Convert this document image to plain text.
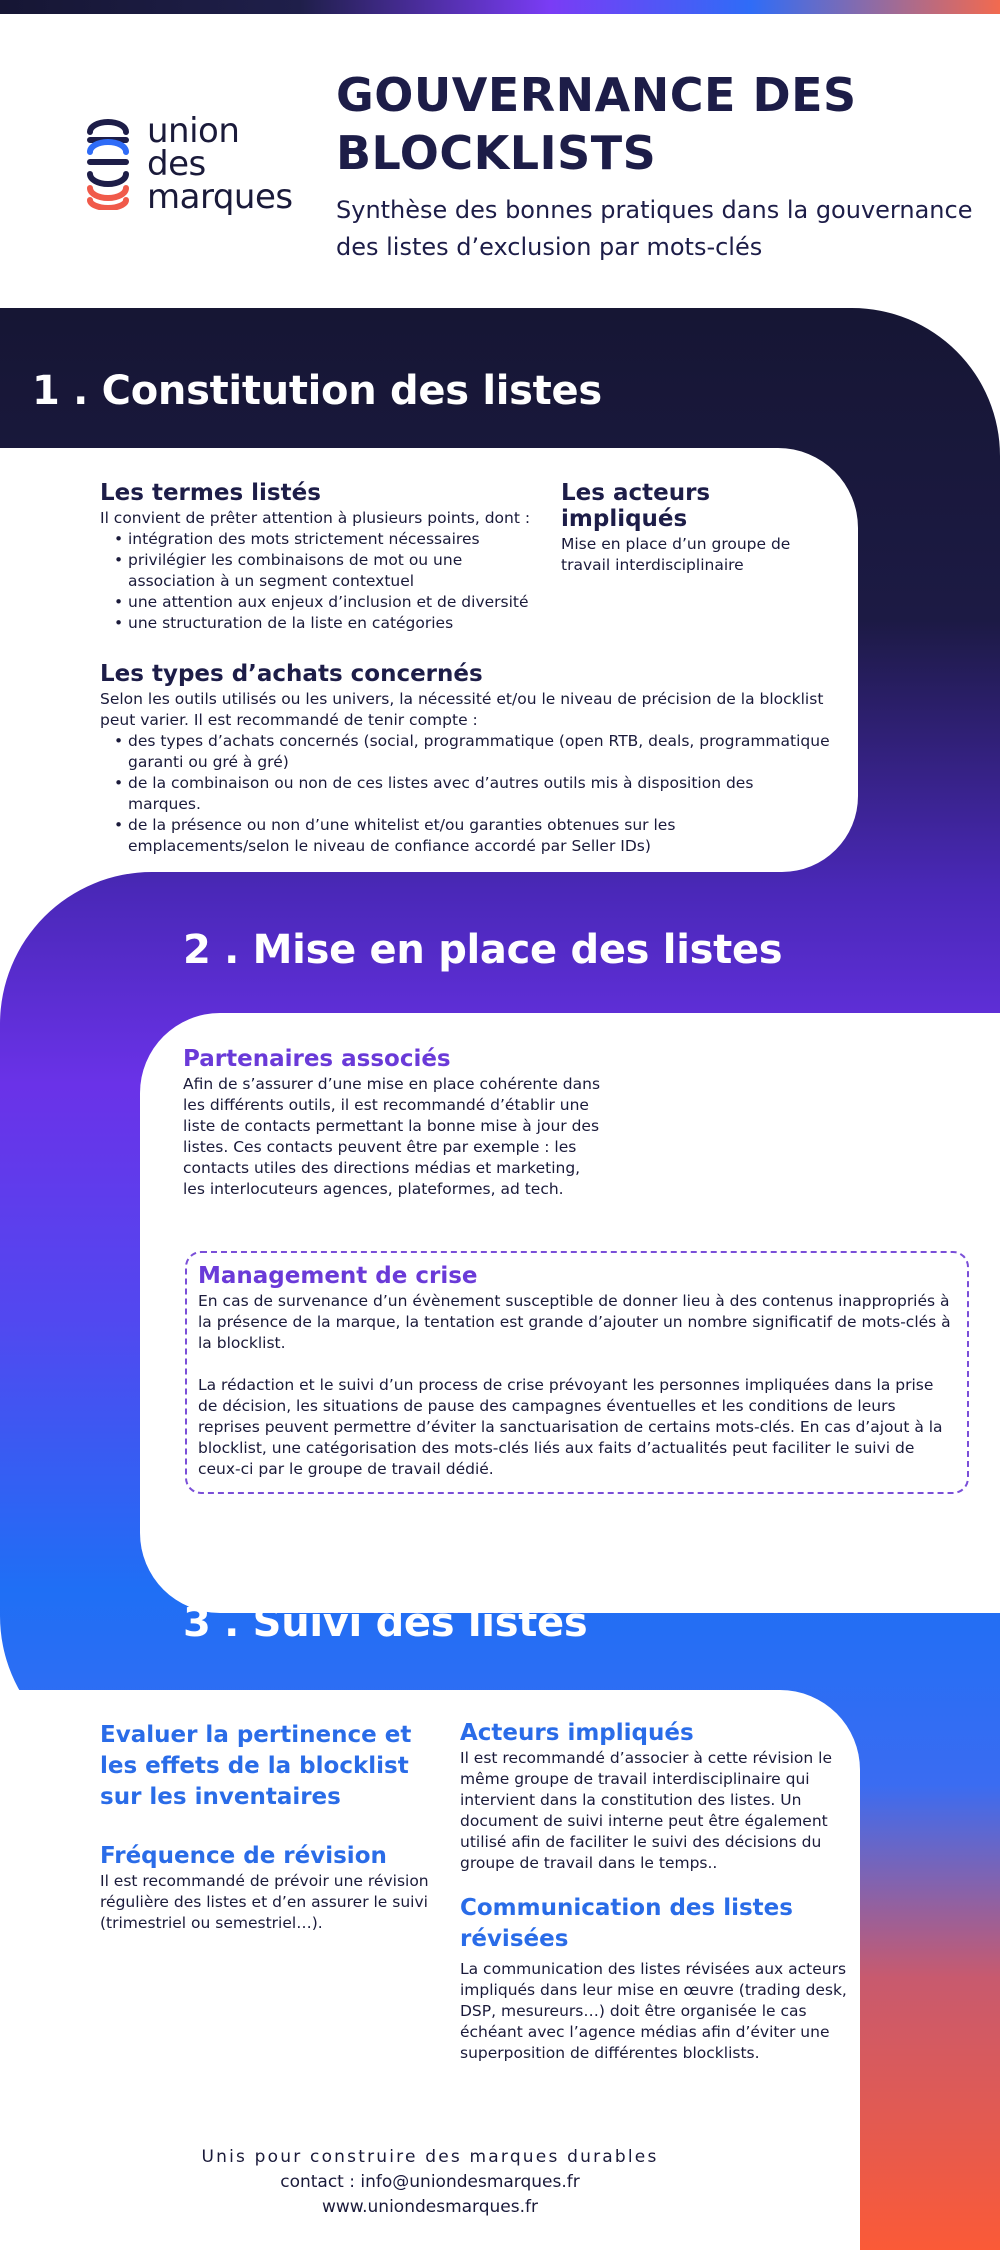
union
des
marques
GOUVERNANCE DES BLOCKLISTS

Synthèse des bonnes pratiques dans la gouvernance des listes d’exclusion par mots-clés

1 . Constitution des listes
Les termes listés
Il convient de prêter attention à plusieurs points, dont :
• intégration des mots strictement nécessaires
• privilégier les combinaisons de mot ou une association à un segment contextuel
• une attention aux enjeux d’inclusion et de diversité
• une structuration de la liste en catégories
Les acteurs impliqués
Mise en place d’un groupe de travail interdisciplinaire
Les types d’achats concernés
Selon les outils utilisés ou les univers, la nécessité et/ou le niveau de précision de la blocklist peut varier. Il est recommandé de tenir compte :
• des types d’achats concernés (social, programmatique (open RTB, deals, programmatique garanti ou gré à gré)
• de la combinaison ou non de ces listes avec d’autres outils mis à disposition des marques.
• de la présence ou non d’une whitelist et/ou garanties obtenues sur les emplacements/selon le niveau de confiance accordé par Seller IDs)
2 . Mise en place des listes
Partenaires associés
Afin de s’assurer d’une mise en place cohérente dans les différents outils, il est recommandé d’établir une liste de contacts permettant la bonne mise à jour des listes. Ces contacts peuvent être par exemple : les contacts utiles des directions médias et marketing, les interlocuteurs agences, plateformes, ad tech.
Management de crise
En cas de survenance d’un évènement susceptible de donner lieu à des contenus inappropriés à la présence de la marque, la tentation est grande d’ajouter un nombre significatif de mots-clés à la blocklist.
La rédaction et le suivi d’un process de crise prévoyant les personnes impliquées dans la prise de décision, les situations de pause des campagnes éventuelles et les conditions de leurs reprises peuvent permettre d’éviter la sanctuarisation de certains mots-clés. En cas d’ajout à la blocklist, une catégorisation des mots-clés liés aux faits d’actualités peut faciliter le suivi de ceux-ci par le groupe de travail dédié.
3 . Suivi des listes
Evaluer la pertinence et les effets de la blocklist sur les inventaires
Fréquence de révision
Il est recommandé de prévoir une révision régulière des listes et d’en assurer le suivi (trimestriel ou semestriel…).
Acteurs impliqués
Il est recommandé d’associer à cette révision le même groupe de travail interdisciplinaire qui intervient dans la constitution des listes. Un document de suivi interne peut être également utilisé afin de faciliter le suivi des décisions du groupe de travail dans le temps..
Communication des listes révisées
La communication des listes révisées aux acteurs impliqués dans leur mise en œuvre (trading desk, DSP, mesureurs…) doit être organisée le cas échéant avec l’agence médias afin d’éviter une superposition de différentes blocklists.
Unis pour construire des marques durables
contact : info@uniondesmarques.fr
www.uniondesmarques.fr
